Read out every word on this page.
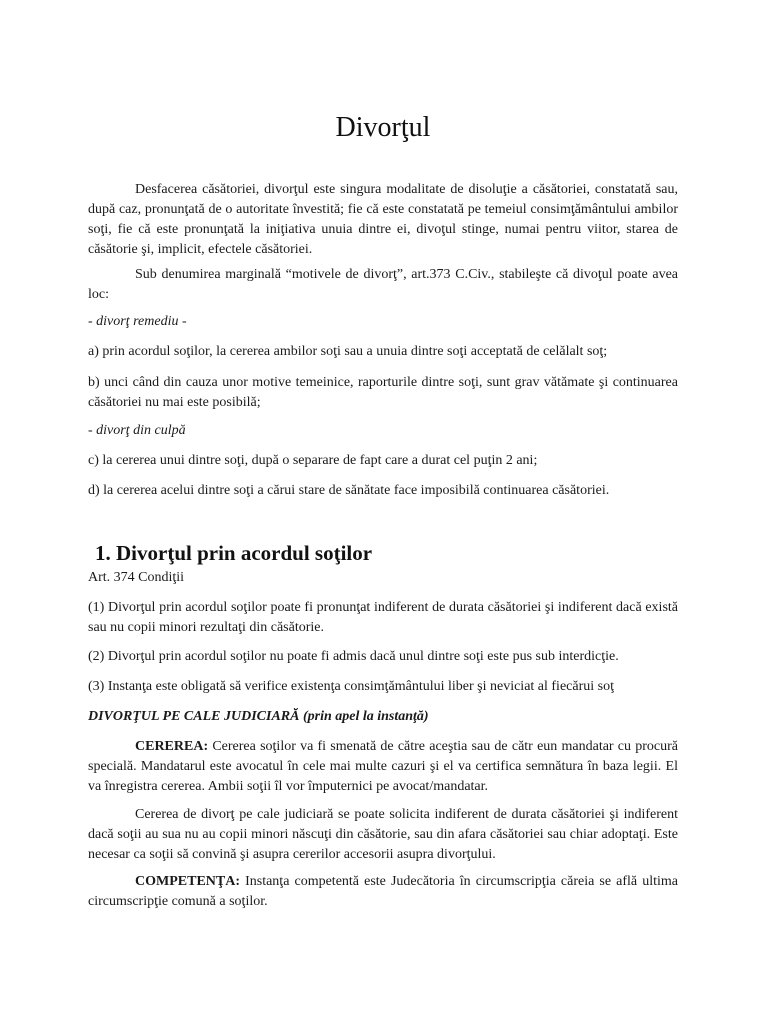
Divorţul

Desfacerea căsătoriei, divorţul este singura modalitate de disoluţie a căsătoriei, constatată sau, după caz, pronunţată de o autoritate învestită; fie că este constatată pe temeiul consimţământului ambilor soţi, fie că este pronunţată la iniţiativa unuia dintre ei, divoţul stinge, numai pentru viitor, starea de căsătorie şi, implicit, efectele căsătoriei.

Sub denumirea marginală “motivele de divorţ”, art.373 C.Civ., stabileşte că divoţul poate avea loc:

- divorţ remediu -

a) prin acordul soţilor, la cererea ambilor soţi sau a unuia dintre soţi acceptată de celălalt soţ;

b) unci când din cauza unor motive temeinice, raporturile dintre soţi, sunt grav vătămate şi continuarea căsătoriei nu mai este posibilă;

- divorţ din culpă

c) la cererea unui dintre soţi, după o separare de fapt care a durat cel puţin 2 ani;

d) la cererea acelui dintre soţi a cărui stare de sănătate face imposibilă continuarea căsătoriei.

1. Divorţul prin acordul soţilor

Art. 374 Condiţii

(1) Divorţul prin acordul soţilor poate fi pronunţat indiferent de durata căsătoriei şi indiferent dacă există sau nu copii minori rezultaţi din căsătorie.

(2) Divorţul prin acordul soţilor nu poate fi admis dacă unul dintre soţi este pus sub interdicţie.

(3) Instanţa este obligată să verifice existenţa consimţământului liber şi neviciat al fiecărui soţ

DIVORŢUL PE CALE JUDICIARĂ (prin apel la instanţă)

CEREREA: Cererea soţilor va fi smenată de către aceştia sau de cătr eun mandatar cu procură specială. Mandatarul este avocatul în cele mai multe cazuri şi el va certifica semnătura în baza legii. El va înregistra cererea. Ambii soţii îl vor împuternici pe avocat/mandatar.

Cererea de divorţ pe cale judiciară se poate solicita indiferent de durata căsătoriei şi indiferent dacă soţii au sua nu au copii minori născuţi din căsătorie, sau din afara căsătoriei sau chiar adoptaţi. Este necesar ca soţii să convină şi asupra cererilor accesorii asupra divorţului.

COMPETENŢA: Instanţa competentă este Judecătoria în circumscripţia căreia se află ultima circumscripţie comună a soţilor.
